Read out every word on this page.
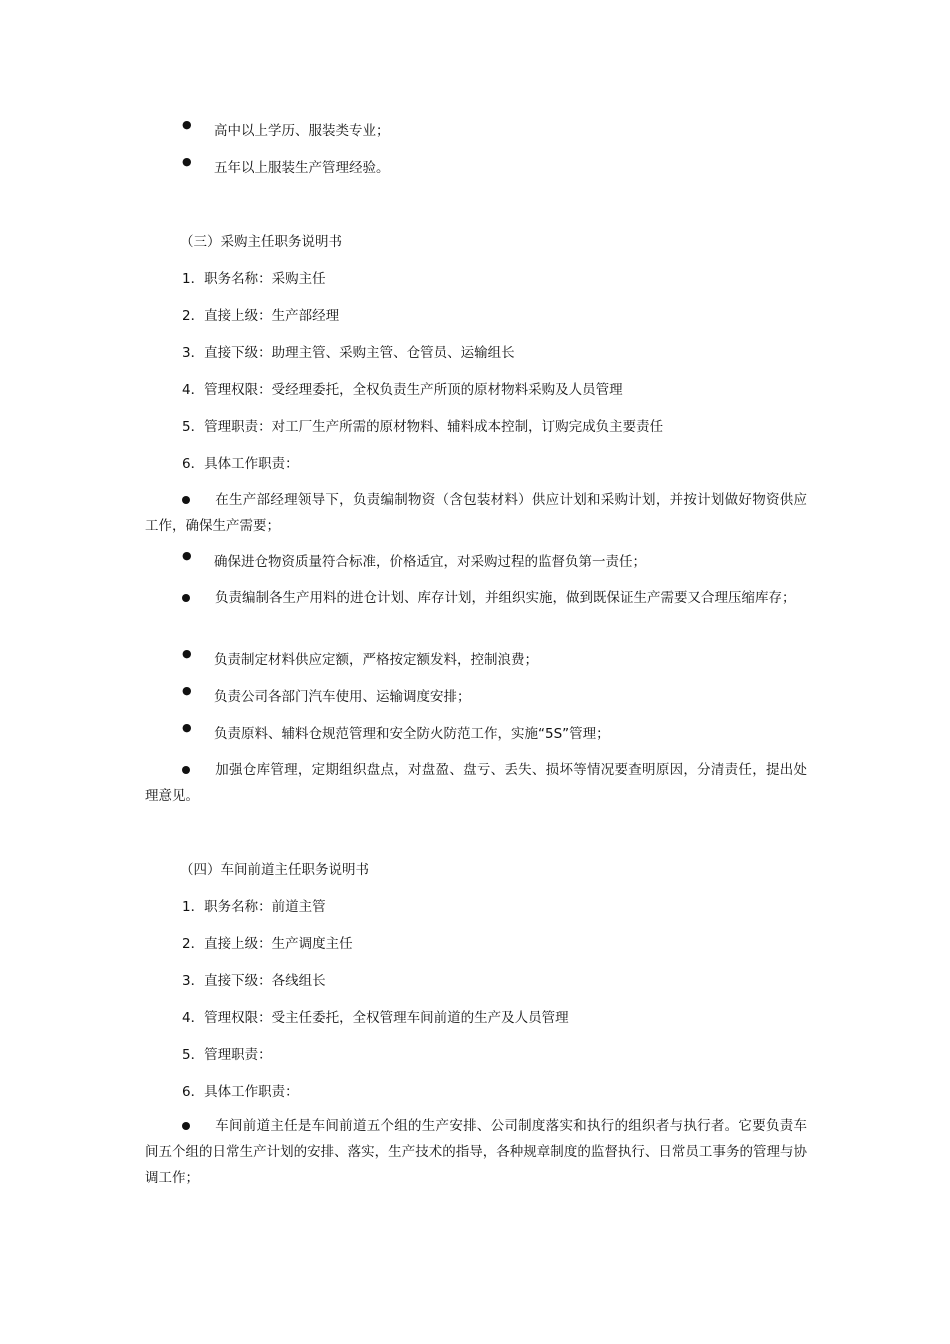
● 高中以上学历、服装类专业；
● 五年以上服装生产管理经验。
（三）采购主任职务说明书
1．职务名称：采购主任
2．直接上级：生产部经理
3．直接下级：助理主管、采购主管、仓管员、运输组长
4．管理权限：受经理委托，全权负责生产所顶的原材物料采购及人员管理
5．管理职责：对工厂生产所需的原材物料、辅料成本控制，订购完成负主要责任
6．具体工作职责：
在生产部经理领导下，负责编制物资（含包装材料）供应计划和采购计划，并按计划做好物资供应工作，确保生产需要；
● 确保进仓物资质量符合标准，价格适宜，对采购过程的监督负第一责任；
负责编制各生产用料的进仓计划、库存计划，并组织实施，做到既保证生产需要又合理压缩库存；
● 负责制定材料供应定额，严格按定额发料，控制浪费；
● 负责公司各部门汽车使用、运输调度安排；
● 负责原料、辅料仓规范管理和安全防火防范工作，实施“5S”管理；
加强仓库管理，定期组织盘点，对盘盈、盘亏、丢失、损坏等情况要查明原因，分清责任，提出处理意见。
（四）车间前道主任职务说明书
1．职务名称：前道主管
2．直接上级：生产调度主任
3．直接下级：各线组长
4．管理权限：受主任委托，全权管理车间前道的生产及人员管理
5．管理职责：
6．具体工作职责：
车间前道主任是车间前道五个组的生产安排、公司制度落实和执行的组织者与执行者。它要负责车间五个组的日常生产计划的安排、落实，生产技术的指导，各种规章制度的监督执行、日常员工事务的管理与协调工作；
